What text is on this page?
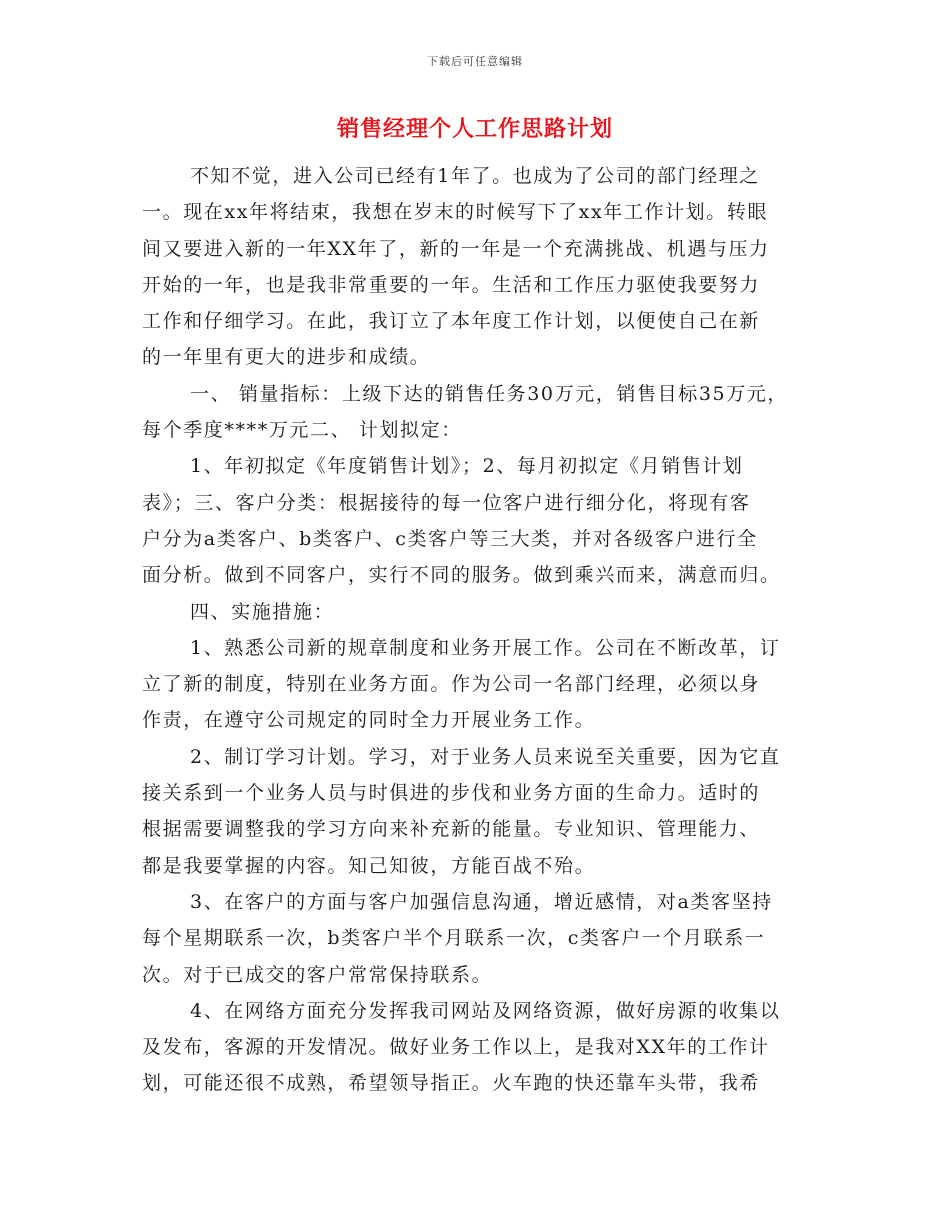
下载后可任意编辑
销售经理个人工作思路计划
不知不觉，进入公司已经有1年了。也成为了公司的部门经理之
一。现在xx年将结束，我想在岁末的时候写下了xx年工作计划。转眼
间又要进入新的一年XX年了，新的一年是一个充满挑战、机遇与压力
开始的一年，也是我非常重要的一年。生活和工作压力驱使我要努力
工作和仔细学习。在此，我订立了本年度工作计划，以便使自己在新
的一年里有更大的进步和成绩。
一、 销量指标：上级下达的销售任务30万元，销售目标35万元，
每个季度****万元二、 计划拟定：
1、年初拟定《年度销售计划》；2、每月初拟定《月销售计划
表》；三、客户分类：根据接待的每一位客户进行细分化，将现有客
户分为a类客户、b类客户、c类客户等三大类，并对各级客户进行全
面分析。做到不同客户，实行不同的服务。做到乘兴而来，满意而归。
四、实施措施：
1、熟悉公司新的规章制度和业务开展工作。公司在不断改革，订
立了新的制度，特别在业务方面。作为公司一名部门经理，必须以身
作责，在遵守公司规定的同时全力开展业务工作。
2、制订学习计划。学习，对于业务人员来说至关重要，因为它直
接关系到一个业务人员与时俱进的步伐和业务方面的生命力。适时的
根据需要调整我的学习方向来补充新的能量。专业知识、管理能力、
都是我要掌握的内容。知己知彼，方能百战不殆。
3、在客户的方面与客户加强信息沟通，增近感情，对a类客坚持
每个星期联系一次，b类客户半个月联系一次，c类客户一个月联系一
次。对于已成交的客户常常保持联系。
4、在网络方面充分发挥我司网站及网络资源，做好房源的收集以
及发布，客源的开发情况。做好业务工作以上，是我对XX年的工作计
划，可能还很不成熟，希望领导指正。火车跑的快还靠车头带，我希
